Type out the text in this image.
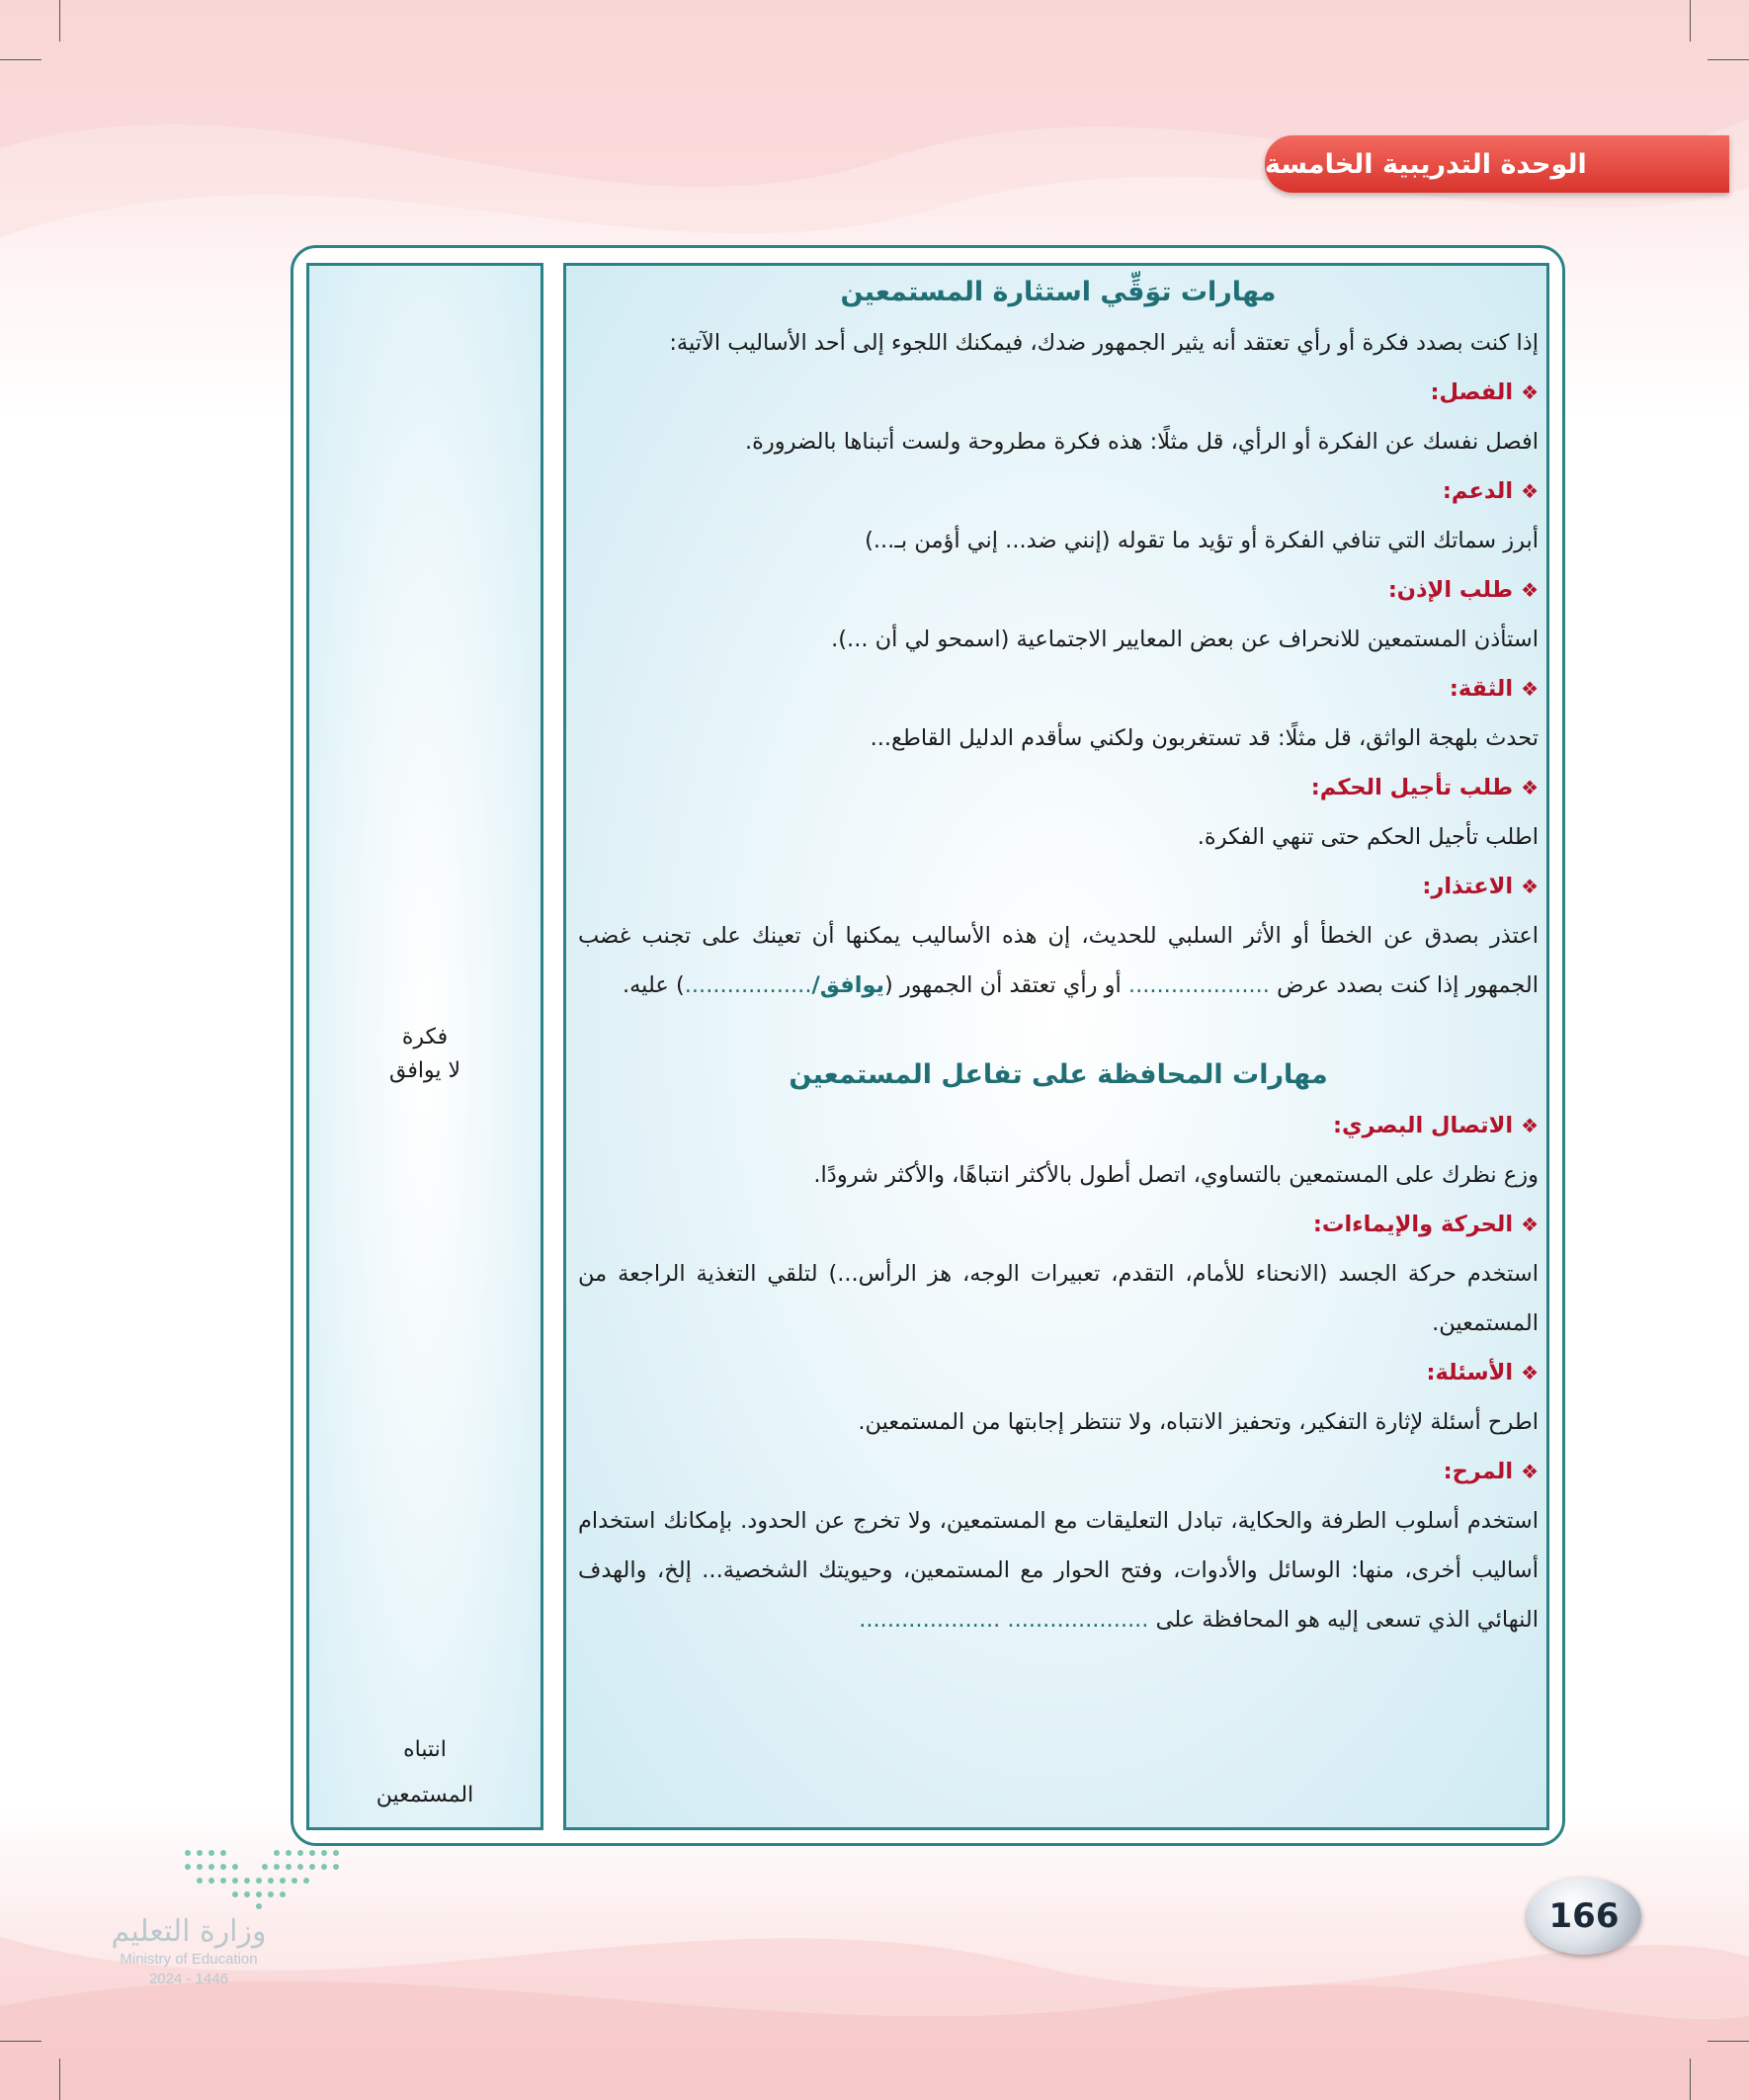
الوحدة التدريبية الخامسة
فكرة
لا يوافق
انتباه
المستمعين

مهارات توَقِّي استثارة المستمعين

إذا كنت بصدد فكرة أو رأي تعتقد أنه يثير الجمهور ضدك، فيمكنك اللجوء إلى أحد الأساليب الآتية:

❖الفصل:

افصل نفسك عن الفكرة أو الرأي، قل مثلًا: هذه فكرة مطروحة ولست أتبناها بالضرورة.

❖الدعم:

أبرز سماتك التي تنافي الفكرة أو تؤيد ما تقوله (إنني ضد... إني أؤمن بـ...)

❖طلب الإذن:

استأذن المستمعين للانحراف عن بعض المعايير الاجتماعية (اسمحو لي أن ...).

❖الثقة:

تحدث بلهجة الواثق، قل مثلًا: قد تستغربون ولكني سأقدم الدليل القاطع...

❖طلب تأجيل الحكم:

اطلب تأجيل الحكم حتى تنهي الفكرة.

❖الاعتذار:

اعتذر بصدق عن الخطأ أو الأثر السلبي للحديث، إن هذه الأساليب يمكنها أن تعينك على تجنب غضب الجمهور إذا كنت بصدد عرض .................... أو رأي تعتقد أن الجمهور (يوافق/..................) عليه.

مهارات المحافظة على تفاعل المستمعين

❖الاتصال البصري:

وزع نظرك على المستمعين بالتساوي، اتصل أطول بالأكثر انتباهًا، والأكثر شرودًا.

❖الحركة والإيماءات:

استخدم حركة الجسد (الانحناء للأمام، التقدم، تعبيرات الوجه، هز الرأس...) لتلقي التغذية الراجعة من المستمعين.

❖الأسئلة:

اطرح أسئلة لإثارة التفكير، وتحفيز الانتباه، ولا تنتظر إجابتها من المستمعين.

❖المرح:

استخدم أسلوب الطرفة والحكاية، تبادل التعليقات مع المستمعين، ولا تخرج عن الحدود. بإمكانك استخدام أساليب أخرى، منها: الوسائل والأدوات، وفتح الحوار مع المستمعين، وحيويتك الشخصية... إلخ، والهدف النهائي الذي تسعى إليه هو المحافظة على .................... ....................

وزارة التعليم
Ministry of Education
2024 - 1446
166
